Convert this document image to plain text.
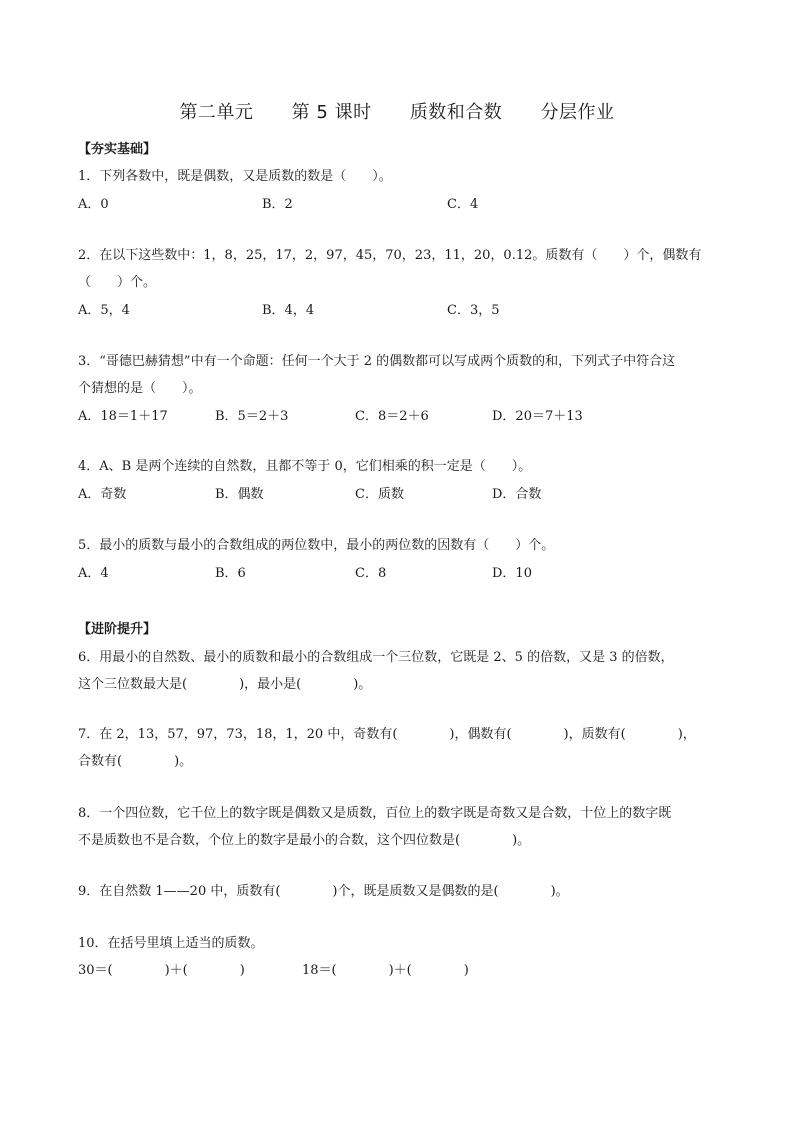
第二单元 第 5 课时 质数和合数 分层作业
【夯实基础】
1．下列各数中，既是偶数，又是质数的数是（　　）。
A．0	B．2	C．4
2．在以下这些数中：1，8，25，17，2，97，45，70，23，11，20，0.12。质数有（　　）个，偶数有
（　　）个。
A．5，4	B．4，4	C．3，5
3．“哥德巴赫猜想”中有一个命题：任何一个大于 2 的偶数都可以写成两个质数的和，下列式子中符合这
个猜想的是（　　）。
A．18＝1＋17	B．5＝2＋3	C．8＝2＋6	D．20＝7＋13
4．A、B 是两个连续的自然数，且都不等于 0，它们相乘的积一定是（　　）。
A．奇数	B．偶数	C．质数	D．合数
5．最小的质数与最小的合数组成的两位数中，最小的两位数的因数有（　　）个。
A．4	B．6	C．8	D．10
【进阶提升】
6．用最小的自然数、最小的质数和最小的合数组成一个三位数，它既是 2、5 的倍数，又是 3 的倍数，
这个三位数最大是(　　　　)，最小是(　　　　)。
7．在 2，13，57，97，73，18，1，20 中，奇数有(　　　　)，偶数有(　　　　)，质数有(　　　　)，
合数有(　　　　)。
8．一个四位数，它千位上的数字既是偶数又是质数，百位上的数字既是奇数又是合数，十位上的数字既
不是质数也不是合数，个位上的数字是最小的合数，这个四位数是(　　　　)。
9．在自然数 1——20 中，质数有(　　　　)个，既是质数又是偶数的是(　　　　)。
10．在括号里填上适当的质数。
30＝(　　　　)＋(　　　　)	18＝(　　　　)＋(　　　　)
